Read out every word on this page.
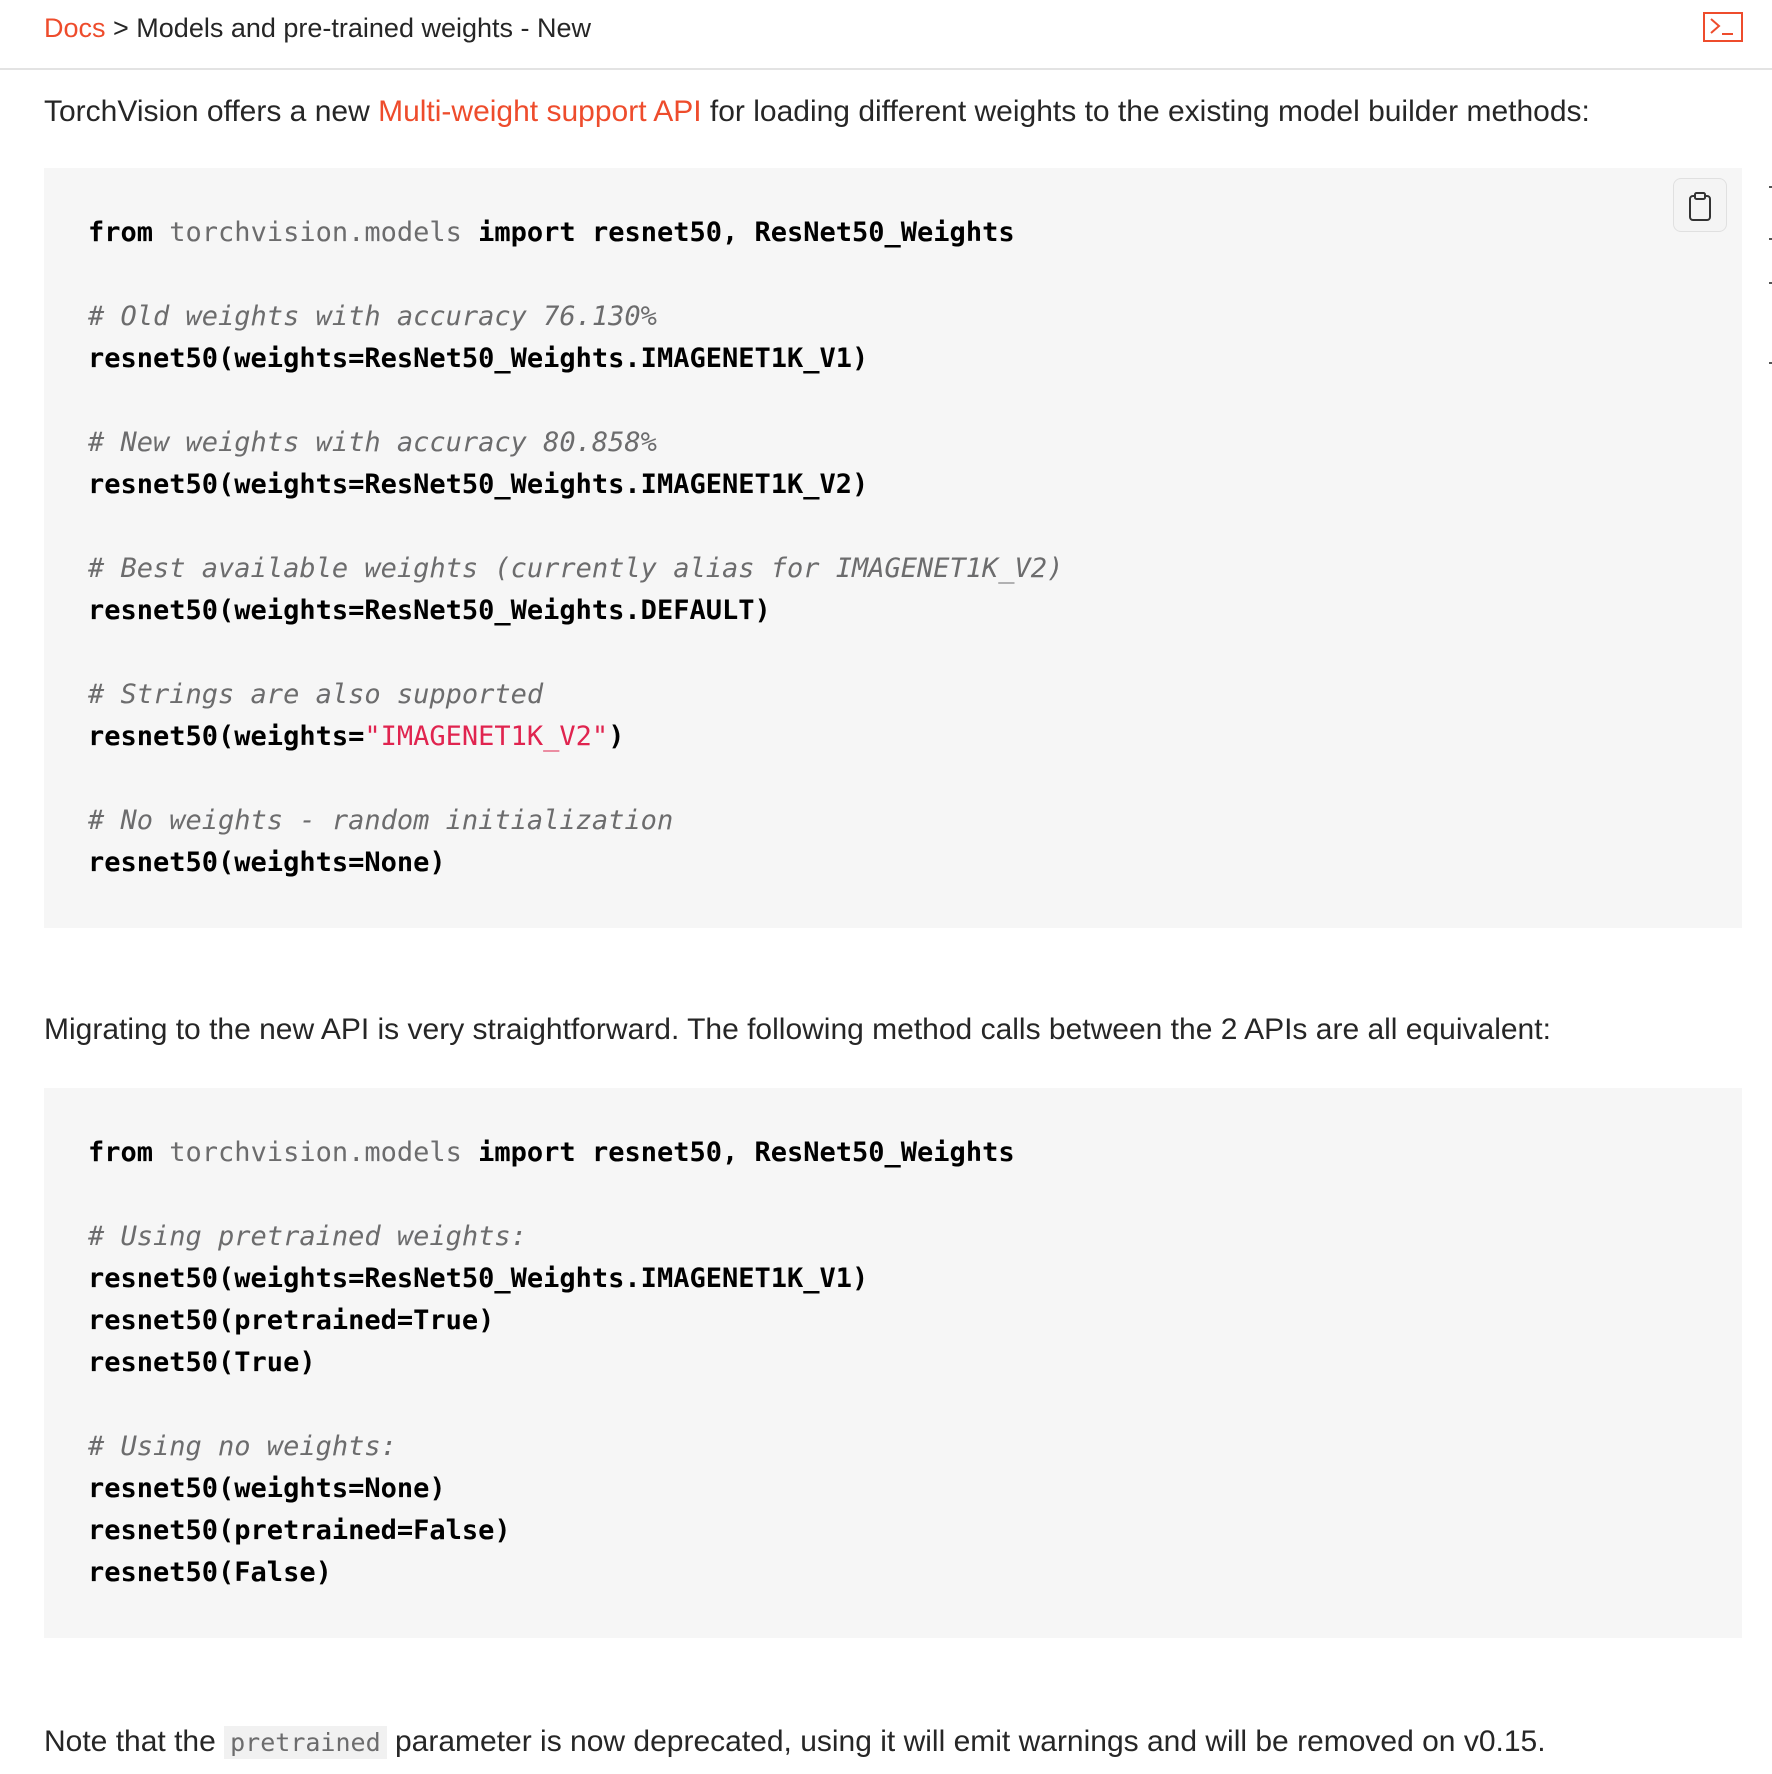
Docs > Models and pre-trained weights - New
TorchVision offers a new Multi-weight support API for loading different weights to the existing model builder methods:
from torchvision.models import resnet50, ResNet50_Weights
# Old weights with accuracy 76.130%
resnet50(weights=ResNet50_Weights.IMAGENET1K_V1)
# New weights with accuracy 80.858%
resnet50(weights=ResNet50_Weights.IMAGENET1K_V2)
# Best available weights (currently alias for IMAGENET1K_V2)
resnet50(weights=ResNet50_Weights.DEFAULT)
# Strings are also supported
resnet50(weights="IMAGENET1K_V2")
# No weights - random initialization
resnet50(weights=None)
Migrating to the new API is very straightforward. The following method calls between the 2 APIs are all equivalent:
from torchvision.models import resnet50, ResNet50_Weights
# Using pretrained weights:
resnet50(weights=ResNet50_Weights.IMAGENET1K_V1)
resnet50(pretrained=True)
resnet50(True)
# Using no weights:
resnet50(weights=None)
resnet50(pretrained=False)
resnet50(False)
Note that the pretrained parameter is now deprecated, using it will emit warnings and will be removed on v0.15.
